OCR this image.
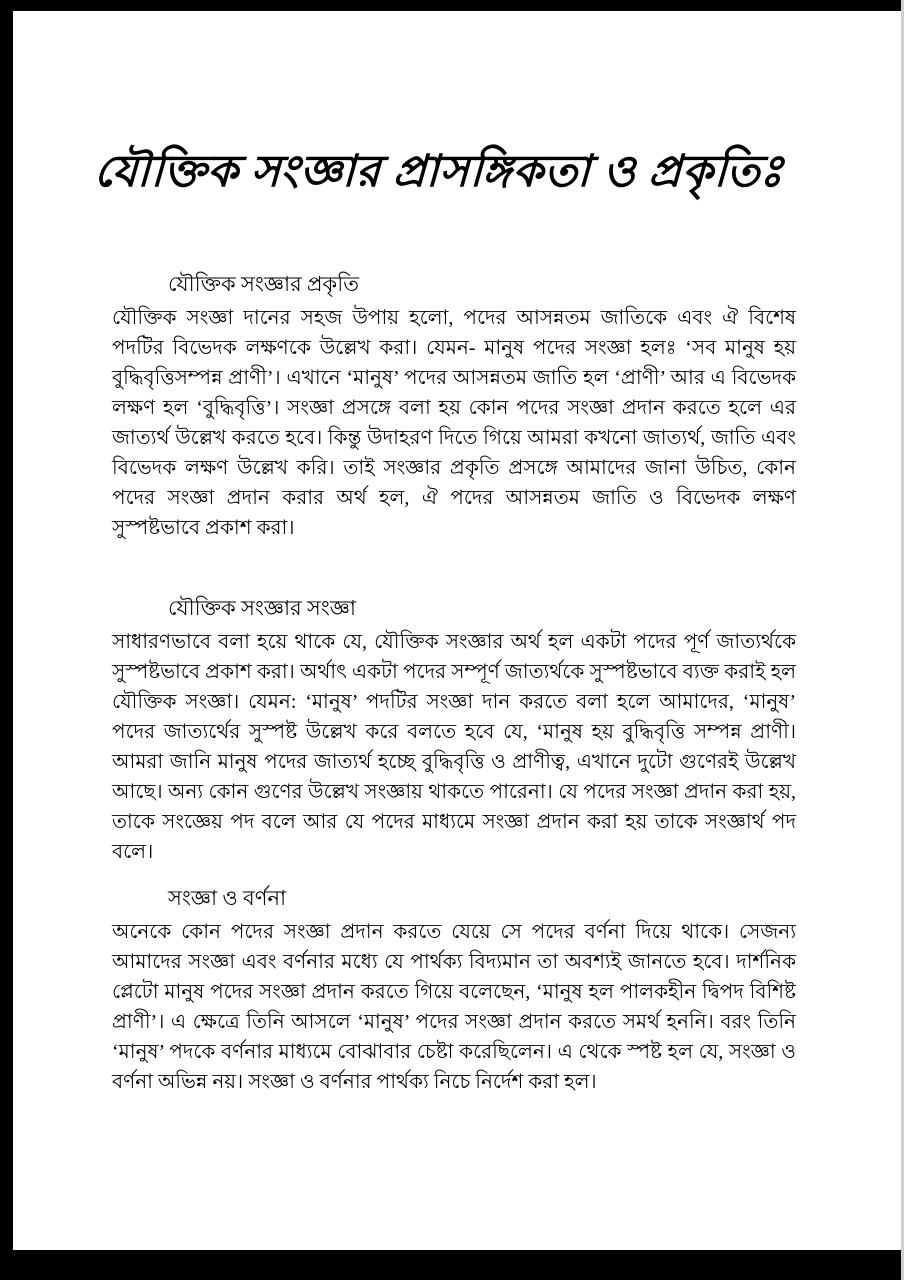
যৌক্তিক সংজ্ঞার প্রাসঙ্গিকতা ও প্রকৃতিঃ
যৌক্তিক সংজ্ঞার প্রকৃতি
যৌক্তিক সংজ্ঞা দানের সহজ উপায় হলো, পদের আসন্নতম জাতিকে এবং ঐ বিশেষ পদটির বিভেদক লক্ষণকে উল্লেখ করা। যেমন- মানুষ পদের সংজ্ঞা হলঃ ‘সব মানুষ হয় বুদ্ধিবৃত্তিসম্পন্ন প্রাণী’। এখানে ‘মানুষ’ পদের আসন্নতম জাতি হল ‘প্রাণী’ আর এ বিভেদক লক্ষণ হল ‘বুদ্ধিবৃত্তি’। সংজ্ঞা প্রসঙ্গে বলা হয় কোন পদের সংজ্ঞা প্রদান করতে হলে এর জাত্যর্থ উল্লেখ করতে হবে। কিন্তু উদাহরণ দিতে গিয়ে আমরা কখনো জাত্যর্থ, জাতি এবং বিভেদক লক্ষণ উল্লেখ করি। তাই সংজ্ঞার প্রকৃতি প্রসঙ্গে আমাদের জানা উচিত, কোন পদের সংজ্ঞা প্রদান করার অর্থ হল, ঐ পদের আসন্নতম জাতি ও বিভেদক লক্ষণ সুস্পষ্টভাবে প্রকাশ করা।
যৌক্তিক সংজ্ঞার সংজ্ঞা
সাধারণভাবে বলা হয়ে থাকে যে, যৌক্তিক সংজ্ঞার অর্থ হল একটা পদের পূর্ণ জাত্যর্থকে সুস্পষ্টভাবে প্রকাশ করা। অর্থাৎ একটা পদের সম্পূর্ণ জাত্যর্থকে সুস্পষ্টভাবে ব্যক্ত করাই হল যৌক্তিক সংজ্ঞা। যেমন: ‘মানুষ’ পদটির সংজ্ঞা দান করতে বলা হলে আমাদের, ‘মানুষ’ পদের জাত্যর্থের সুস্পষ্ট উল্লেখ করে বলতে হবে যে, ‘মানুষ হয় বুদ্ধিবৃত্তি সম্পন্ন প্রাণী। আমরা জানি মানুষ পদের জাত্যর্থ হচ্ছে বুদ্ধিবৃত্তি ও প্রাণীত্ব, এখানে দুটো গুণেরই উল্লেখ আছে। অন্য কোন গুণের উল্লেখ সংজ্ঞায় থাকতে পারেনা। যে পদের সংজ্ঞা প্রদান করা হয়, তাকে সংজ্ঞেয় পদ বলে আর যে পদের মাধ্যমে সংজ্ঞা প্রদান করা হয় তাকে সংজ্ঞার্থ পদ বলে।
সংজ্ঞা ও বর্ণনা
অনেকে কোন পদের সংজ্ঞা প্রদান করতে যেয়ে সে পদের বর্ণনা দিয়ে থাকে। সেজন্য আমাদের সংজ্ঞা এবং বর্ণনার মধ্যে যে পার্থক্য বিদ্যমান তা অবশ্যই জানতে হবে। দার্শনিক প্লেটো মানুষ পদের সংজ্ঞা প্রদান করতে গিয়ে বলেছেন, ‘মানুষ হল পালকহীন দ্বিপদ বিশিষ্ট প্রাণী’। এ ক্ষেত্রে তিনি আসলে ‘মানুষ’ পদের সংজ্ঞা প্রদান করতে সমর্থ হননি। বরং তিনি ‘মানুষ’ পদকে বর্ণনার মাধ্যমে বোঝাবার চেষ্টা করেছিলেন। এ থেকে স্পষ্ট হল যে, সংজ্ঞা ও বর্ণনা অভিন্ন নয়। সংজ্ঞা ও বর্ণনার পার্থক্য নিচে নির্দেশ করা হল।
